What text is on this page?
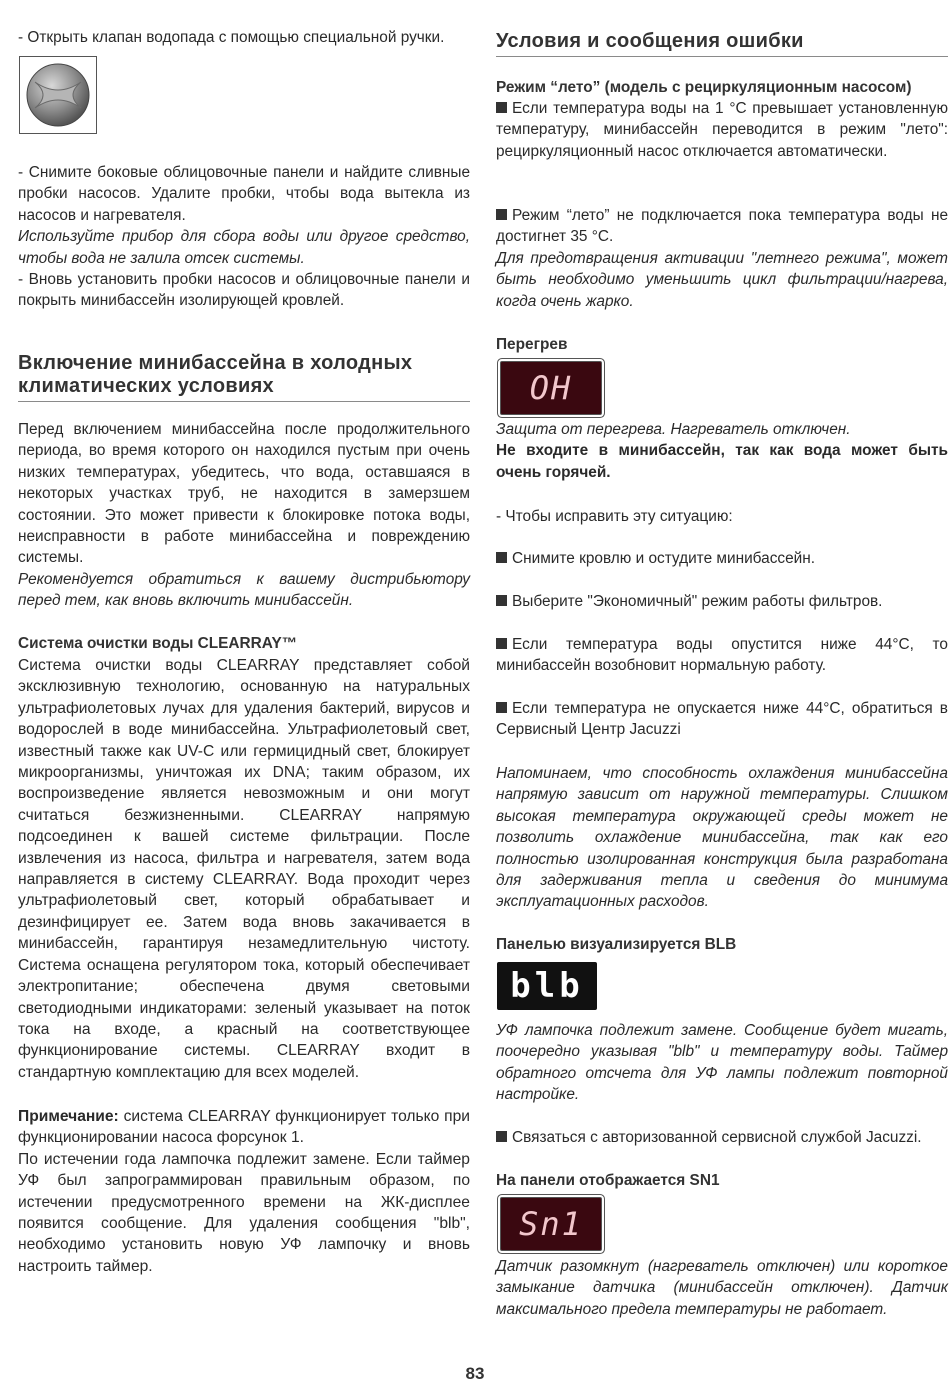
- Открыть клапан водопада с помощью специальной ручки.

- Снимите боковые облицовочные панели и найдите сливные пробки насосов. Удалите пробки, чтобы вода вытекла из насосов и нагревателя.

Используйте прибор для сбора воды или другое средство, чтобы вода не залила отсек системы.

- Вновь установить пробки насосов и облицовочные панели и покрыть минибассейн изолирующей кровлей.

Включение минибассейна в холодных климатических условиях

Перед включением минибассейна после продолжительного периода, во время которого он находился пустым при очень низких температурах, убедитесь, что вода, оставшаяся в некоторых участках труб, не находится в замерзшем состоянии. Это может привести к блокировке потока воды, неисправности в работе минибассейна и повреждению системы.

Рекомендуется обратиться к вашему дистрибьютору перед тем, как вновь включить минибассейн.

Система очистки воды CLEARRAY™

Система очистки воды CLEARRAY представляет собой эксклюзивную технологию, основанную на натуральных ультрафиолетовых лучах для удаления бактерий, вирусов и водорослей в воде минибассейна. Ультрафиолетовый свет, известный также как UV-C или гермицидный свет, блокирует микроорганизмы, уничтожая их DNA; таким образом, их воспроизведение является невозможным и они могут считаться безжизненными. CLEARRAY напрямую подсоединен к вашей системе фильтрации. После извлечения из насоса, фильтра и нагревателя, затем вода направляется в систему CLEARRAY. Вода проходит через ультрафиолетовый свет, который обрабатывает и дезинфицирует ее. Затем вода вновь закачивается в минибассейн, гарантируя незамедлительную чистоту. Система оснащена регулятором тока, который обеспечивает электропитание; обеспечена двумя световыми светодиодными индикаторами: зеленый указывает на поток тока на входе, а красный на соответствующее функционирование системы. CLEARRAY входит в стандартную комплектацию для всех моделей.

Примечание: система CLEARRAY функционирует только при функционировании насоса форсунок 1.

По истечении года лампочка подлежит замене. Если таймер УФ был запрограммирован правильным образом, по истечении предусмотренного времени на ЖК-дисплее появится сообщение. Для удаления сообщения "blb", необходимо установить новую УФ лампочку и вновь настроить таймер.

Условия и сообщения ошибки
Режим “лето” (модель с рециркуляционным насосом)

Если температура воды на 1 °C превышает установленную температуру, минибассейн переводится в режим "лето": рециркуляционный насос отключается автоматически.

Режим “лето” не подключается пока температура воды не достигнет 35 °C.

Для предотвращения активации "летнего режима", может быть необходимо уменьшить цикл фильтрации/нагрева, когда очень жарко.

Перегрев
OH

Защита от перегрева. Нагреватель отключен.

Не входите в минибассейн, так как вода может быть очень горячей.

- Чтобы исправить эту ситуацию:

Снимите кровлю и остудите минибассейн.

Выберите "Экономичный" режим работы фильтров.

Если температура воды опустится ниже 44°C, то минибассейн возобновит нормальную работу.

Если температура не опускается ниже 44°C, обратиться в Сервисный Центр Jacuzzi

Напоминаем, что способность охлаждения минибассейна напрямую зависит от наружной температуры. Слишком высокая температура окружающей среды может не позволить охлаждение минибассейна, так как его полностью изолированная конструкция была разработана для задерживания тепла и сведения до минимума эксплуатационных расходов.

Панелью визуализируется BLB
blb

УФ лампочка подлежит замене. Сообщение будет мигать, поочередно указывая "blb" и температуру воды. Таймер обратного отсчета для УФ лампы подлежит повторной настройке.

Связаться с авторизованной сервисной службой Jacuzzi.

На панели отображается SN1
Sn1

Датчик разомкнут (нагреватель отключен) или короткое замыкание датчика (минибассейн отключен). Датчик максимального предела температуры не работает.

83
